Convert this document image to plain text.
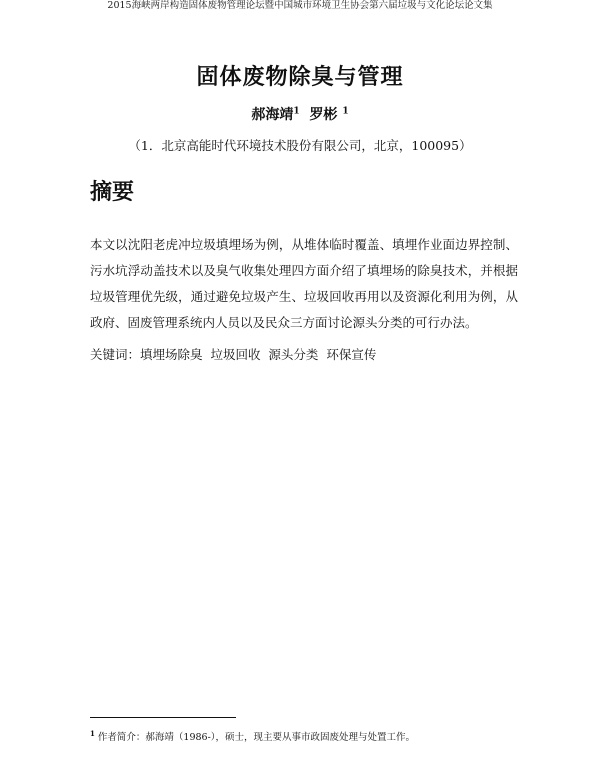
2015海峡两岸构造固体废物管理论坛暨中国城市环境卫生协会第六届垃圾与文化论坛论文集
固体废物除臭与管理
郝海靖$^1$ 罗彬 $^1$
（1．北京高能时代环境技术股份有限公司，北京，100095）
摘要
本文以沈阳老虎冲垃圾填埋场为例，从堆体临时覆盖、填埋作业面边界控制、污水坑浮动盖技术以及臭气收集处理四方面介绍了填埋场的除臭技术，并根据垃圾管理优先级，通过避免垃圾产生、垃圾回收再用以及资源化利用为例，从政府、固废管理系统内人员以及民众三方面讨论源头分类的可行办法。
关键词：填埋场除臭  垃圾回收  源头分类  环保宣传
$^1$ 作者简介：郝海靖（1986-），硕士，现主要从事市政固废处理与处置工作。
